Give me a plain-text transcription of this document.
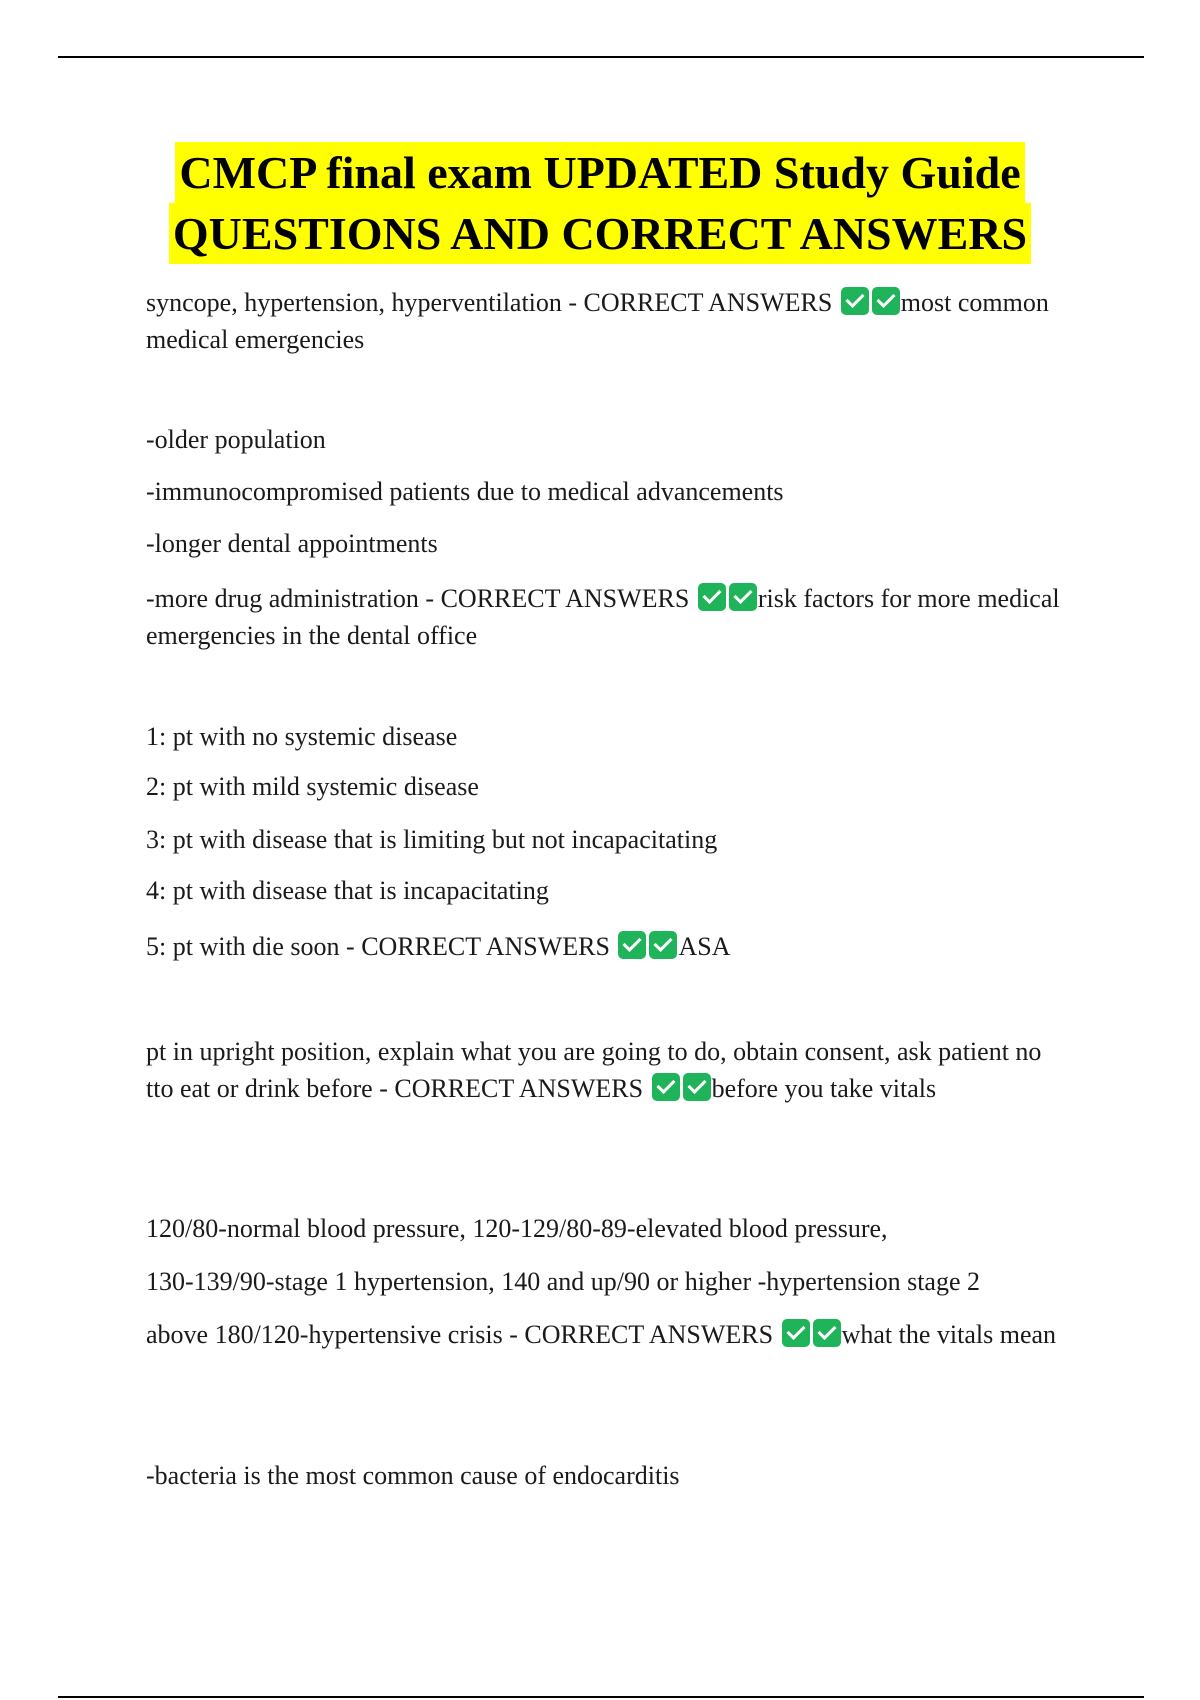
CMCP final exam UPDATED Study Guide
QUESTIONS AND CORRECT ANSWERS
syncope, hypertension, hyperventilation - CORRECT ANSWERS	most common medical emergencies
-older population
-immunocompromised patients due to medical advancements
-longer dental appointments
-more drug administration - CORRECT ANSWERS	risk factors for more medical emergencies in the dental office
1: pt with no systemic disease
2: pt with mild systemic disease
3: pt with disease that is limiting but not incapacitating
4: pt with disease that is incapacitating
5: pt with die soon - CORRECT ANSWERS	ASA
pt in upright position, explain what you are going to do, obtain consent, ask patient no tto eat or drink before - CORRECT ANSWERS	before you take vitals
120/80-normal blood pressure, 120-129/80-89-elevated blood pressure,
130-139/90-stage 1 hypertension, 140 and up/90 or higher -hypertension stage 2
above 180/120-hypertensive crisis - CORRECT ANSWERS	what the vitals mean
-bacteria is the most common cause of endocarditis
